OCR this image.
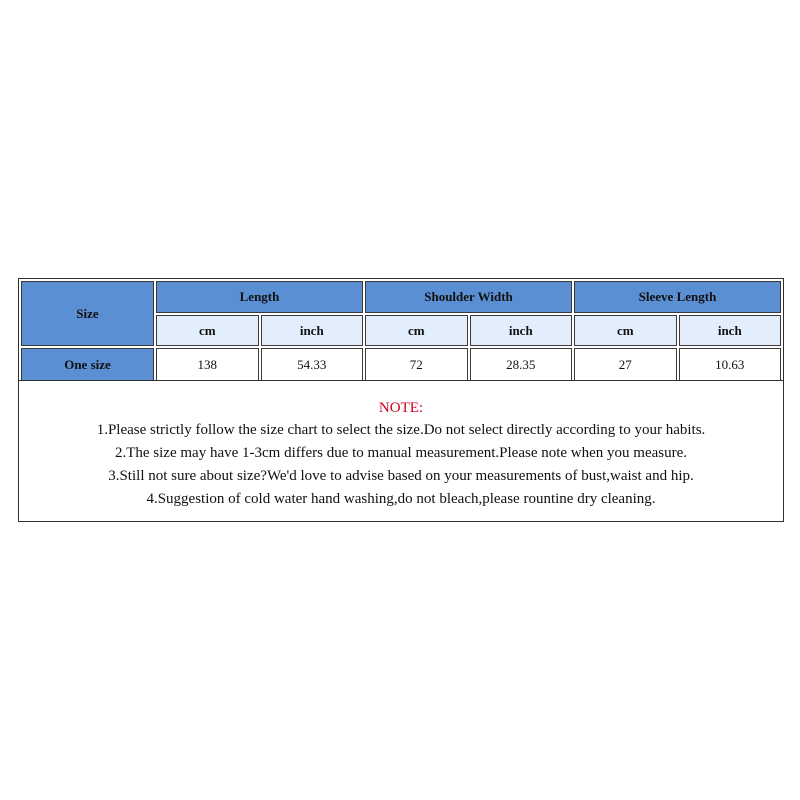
Size	Length		Shoulder Width		Sleeve Length	
	cm	inch	cm	inch	cm	inch
One size	138	54.33	72	28.35	27	10.63
NOTE:
1.Please strictly follow the size chart to select the size.Do not select directly according to your habits.
2.The size may have 1-3cm differs due to manual measurement.Please note when you measure.
3.Still not sure about size?We'd love to advise based on your measurements of bust,waist and hip.
4.Suggestion of cold water hand washing,do not bleach,please rountine dry cleaning.
